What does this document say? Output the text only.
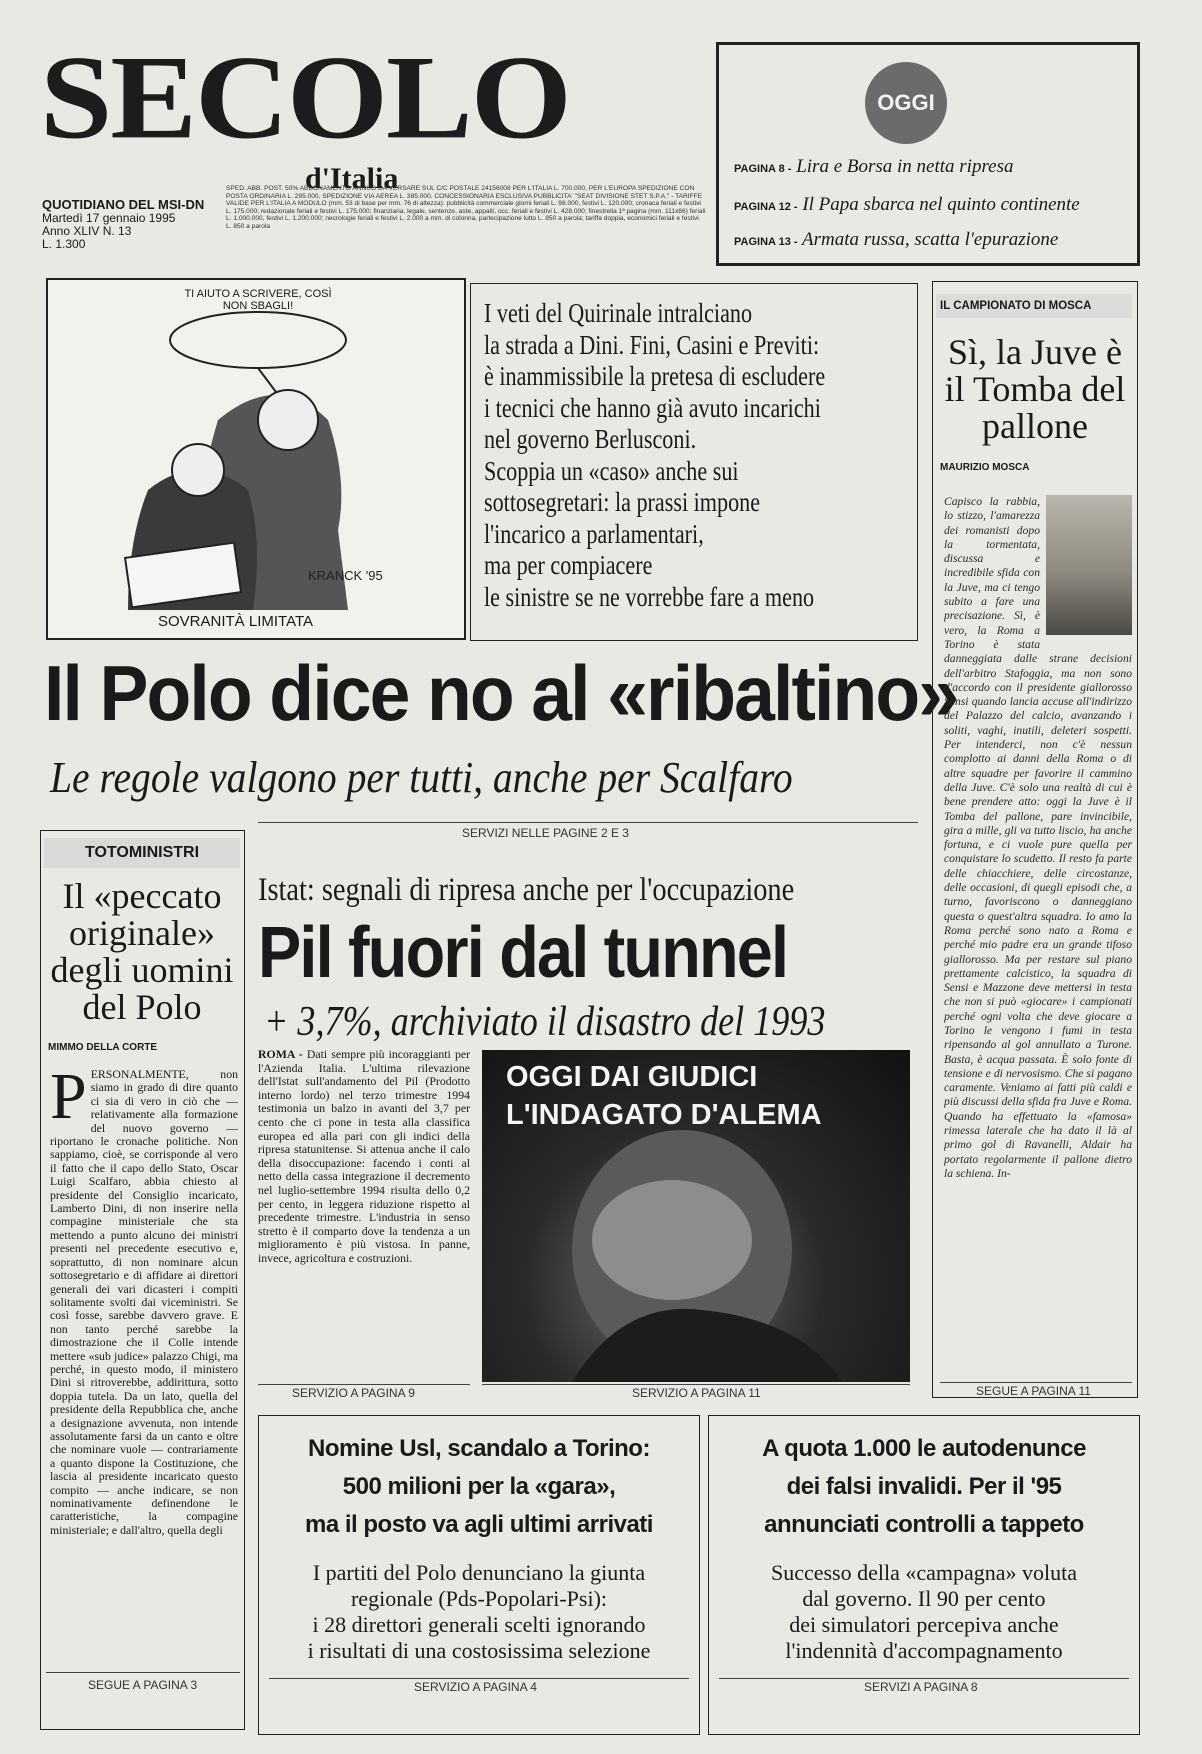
SECOLO
d'Italia
QUOTIDIANO DEL MSI-DN
Martedì 17 gennaio 1995
Anno XLIV N. 13
L. 1.300
SPED. ABB. POST. 50% ABBONAMENTO ANNUO DA VERSARE SUL C/C POSTALE 24156008 PER L'ITALIA L. 700.000, PER L'EUROPA SPEDIZIONE CON POSTA ORDINARIA L. 295.000, SPEDIZIONE VIA AEREA L. 385.000. CONCESSIONARIA ESCLUSIVA PUBBLICITA' "SEAT DIVISIONE STET S.P.A." - TARIFFE VALIDE PER L'ITALIA A MODULO (mm. 53 di base per mm. 76 di altezza): pubblicità commerciale giorni feriali L. 98.000, festivi L. 120.000; cronaca feriali e festivi L. 175.000; redazionale feriali e festivi L. 175.000; finanziaria, legale, sentenze, aste, appalti, occ. feriali e festivi L. 428.000; finestrella 1ª pagina (mm. 111x86) feriali L. 1.000.000, festivi L. 1.200.000; necrologie feriali e festivi L. 2.000 a mm. di colonna, partecipazione lutto L. 850 a parola; tariffa doppia, economici feriali e festivi L. 850 a parola
OGGI
PAGINA 8 - Lira e Borsa in netta ripresa
PAGINA 12 - Il Papa sbarca nel quinto continente
PAGINA 13 - Armata russa, scatta l'epurazione
KRANCK '95
TI AIUTO A SCRIVERE, COSÌ NON SBAGLI!
SOVRANITÀ LIMITATA
I veti del Quirinale intralciano
la strada a Dini. Fini, Casini e Previti:
è inammissibile la pretesa di escludere
i tecnici che hanno già avuto incarichi
nel governo Berlusconi.
Scoppia un «caso» anche sui
sottosegretari: la prassi impone
l'incarico a parlamentari,
ma per compiacere
le sinistre se ne vorrebbe fare a meno
Il Polo dice no al «ribaltino»
Le regole valgono per tutti, anche per Scalfaro
SERVIZI NELLE PAGINE 2 E 3
IL CAMPIONATO DI MOSCA
Sì, la Juve è il Tomba del pallone
MAURIZIO MOSCA
Capisco la rabbia, lo stizzo, l'amarezza dei romanisti dopo la tormentata, discussa e incredibile sfida con la Juve, ma ci tengo subito a fare una precisazione. Sì, è vero, la Roma a Torino è stata danneggiata dalle strane decisioni dell'arbitro Stafoggia, ma non sono d'accordo con il presidente giallorosso Sensi quando lancia accuse all'indirizzo del Palazzo del calcio, avanzando i soliti, vaghi, inutili, deleteri sospetti. Per intenderci, non c'è nessun complotto ai danni della Roma o di altre squadre per favorire il cammino della Juve. C'è solo una realtà di cui è bene prendere atto: oggi la Juve è il Tomba del pallone, pare invincibile, gira a mille, gli va tutto liscio, ha anche fortuna, e ci vuole pure quella per conquistare lo scudetto. Il resto fa parte delle chiacchiere, delle circostanze, delle occasioni, di quegli episodi che, a turno, favoriscono o danneggiano questa o quest'altra squadra. Io amo la Roma perché sono nato a Roma e perché mio padre era un grande tifoso giallorosso. Ma per restare sul piano prettamente calcistico, la squadra di Sensi e Mazzone deve mettersi in testa che non si può «giocare» i campionati perché ogni volta che deve giocare a Torino le vengono i fumi in testa ripensando al gol annullato a Turone. Basta, è acqua passata. È solo fonte di tensione e di nervosismo. Che si pagano caramente. Veniamo ai fatti più caldi e più discussi della sfida fra Juve e Roma. Quando ha effettuato la «famosa» rimessa laterale che ha dato il là al primo gol di Ravanelli, Aldair ha portato regolarmente il pallone dietro la schiena. In-
SEGUE A PAGINA 11
TOTOMINISTRI
Il «peccato originale» degli uomini del Polo
MIMMO DELLA CORTE
PERSONALMENTE, non siamo in grado di dire quanto ci sia di vero in ciò che — relativamente alla formazione del nuovo governo — riportano le cronache politiche. Non sappiamo, cioè, se corrisponde al vero il fatto che il capo dello Stato, Oscar Luigi Scalfaro, abbia chiesto al presidente del Consiglio incaricato, Lamberto Dini, di non inserire nella compagine ministeriale che sta mettendo a punto alcuno dei ministri presenti nel precedente esecutivo e, soprattutto, di non nominare alcun sottosegretario e di affidare ai direttori generali dei vari dicasteri i compiti solitamente svolti dai viceministri. Se così fosse, sarebbe davvero grave. E non tanto perché sarebbe la dimostrazione che il Colle intende mettere «sub judice» palazzo Chigi, ma perché, in questo modo, il ministero Dini si ritroverebbe, addirittura, sotto doppia tutela. Da un lato, quella del presidente della Repubblica che, anche a designazione avvenuta, non intende assolutamente farsi da un canto e oltre che nominare vuole — contrariamente a quanto dispone la Costituzione, che lascia al presidente incaricato questo compito — anche indicare, se non nominativamente definendone le caratteristiche, la compagine ministeriale; e dall'altro, quella degli
SEGUE A PAGINA 3
Istat: segnali di ripresa anche per l'occupazione
Pil fuori dal tunnel
+ 3,7%, archiviato il disastro del 1993
ROMA - Dati sempre più incoraggianti per l'Azienda Italia. L'ultima rilevazione dell'Istat sull'andamento del Pil (Prodotto interno lordo) nel terzo trimestre 1994 testimonia un balzo in avanti del 3,7 per cento che ci pone in testa alla classifica europea ed alla pari con gli indici della ripresa statunitense. Si attenua anche il calo della disoccupazione: facendo i conti al netto della cassa integrazione il decremento nel luglio-settembre 1994 risulta dello 0,2 per cento, in leggera riduzione rispetto al precedente trimestre. L'industria in senso stretto è il comparto dove la tendenza a un miglioramento è più vistosa. In panne, invece, agricoltura e costruzioni.
SERVIZIO A PAGINA 9
OGGI DAI GIUDICI
L'INDAGATO D'ALEMA
SERVIZIO A PAGINA 11
Nomine Usl, scandalo a Torino:
500 milioni per la «gara»,
ma il posto va agli ultimi arrivati
I partiti del Polo denunciano la giunta
regionale (Pds-Popolari-Psi):
i 28 direttori generali scelti ignorando
i risultati di una costosissima selezione
SERVIZIO A PAGINA 4
A quota 1.000 le autodenunce
dei falsi invalidi. Per il '95
annunciati controlli a tappeto
Successo della «campagna» voluta
dal governo. Il 90 per cento
dei simulatori percepiva anche
l'indennità d'accompagnamento
SERVIZI A PAGINA 8
